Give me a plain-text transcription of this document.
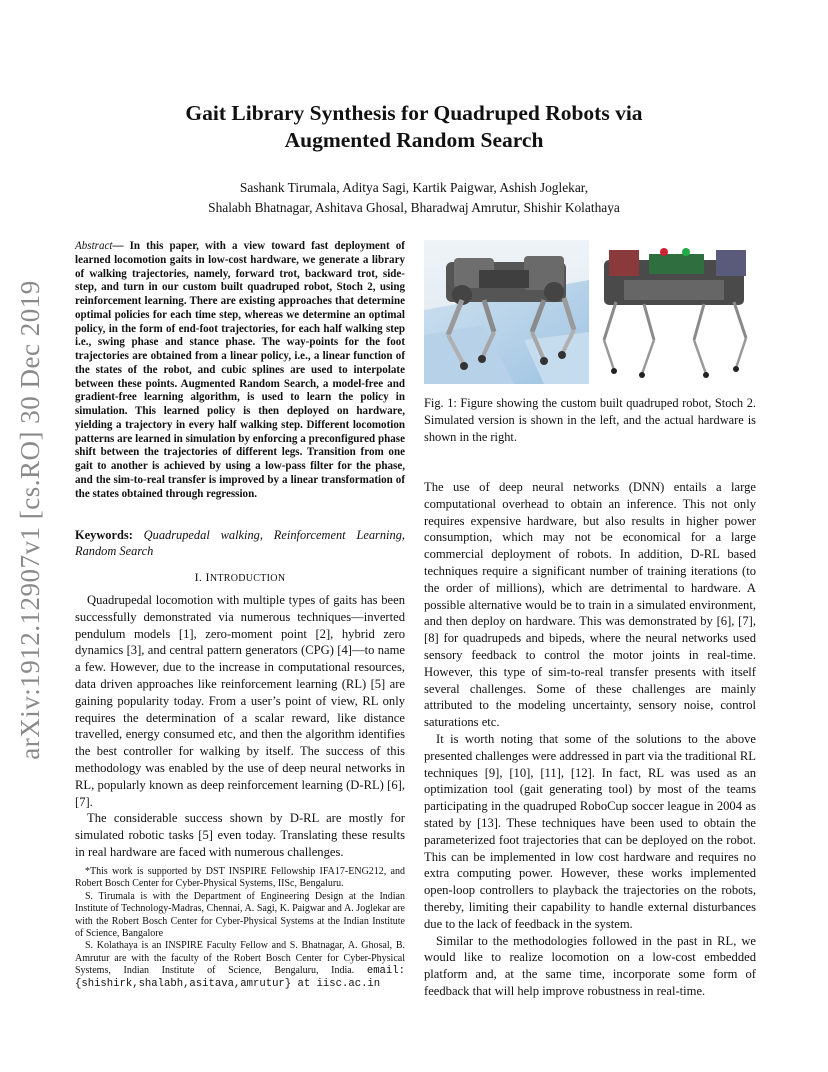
Gait Library Synthesis for Quadruped Robots via
Augmented Random Search
Sashank Tirumala, Aditya Sagi, Kartik Paigwar, Ashish Joglekar,
Shalabh Bhatnagar, Ashitava Ghosal, Bharadwaj Amrutur, Shishir Kolathaya
arXiv:1912.12907v1 [cs.RO] 30 Dec 2019
Abstract— In this paper, with a view toward fast deployment of learned locomotion gaits in low-cost hardware, we generate a library of walking trajectories, namely, forward trot, backward trot, side-step, and turn in our custom built quadruped robot, Stoch 2, using reinforcement learning. There are existing approaches that determine optimal policies for each time step, whereas we determine an optimal policy, in the form of end-foot trajectories, for each half walking step i.e., swing phase and stance phase. The way-points for the foot trajectories are obtained from a linear policy, i.e., a linear function of the states of the robot, and cubic splines are used to interpolate between these points. Augmented Random Search, a model-free and gradient-free learning algorithm, is used to learn the policy in simulation. This learned policy is then deployed on hardware, yielding a trajectory in every half walking step. Different locomotion patterns are learned in simulation by enforcing a preconfigured phase shift between the trajectories of different legs. Transition from one gait to another is achieved by using a low-pass filter for the phase, and the sim-to-real transfer is improved by a linear transformation of the states obtained through regression.
Keywords: Quadrupedal walking, Reinforcement Learning, Random Search
I. INTRODUCTION

Quadrupedal locomotion with multiple types of gaits has been successfully demonstrated via numerous techniques—inverted pendulum models [1], zero-moment point [2], hybrid zero dynamics [3], and central pattern generators (CPG) [4]—to name a few. However, due to the increase in computational resources, data driven approaches like reinforcement learning (RL) [5] are gaining popularity today. From a user’s point of view, RL only requires the determination of a scalar reward, like distance travelled, energy consumed etc, and then the algorithm identifies the best controller for walking by itself. The success of this methodology was enabled by the use of deep neural networks in RL, popularly known as deep reinforcement learning (D-RL) [6], [7].

The considerable success shown by D-RL are mostly for simulated robotic tasks [5] even today. Translating these results in real hardware are faced with numerous challenges.

*This work is supported by DST INSPIRE Fellowship IFA17-ENG212, and Robert Bosch Center for Cyber-Physical Systems, IISc, Bengaluru.

S. Tirumala is with the Department of Engineering Design at the Indian Institute of Technology-Madras, Chennai, A. Sagi, K. Paigwar and A. Joglekar are with the Robert Bosch Center for Cyber-Physical Systems at the Indian Institute of Science, Bangalore

S. Kolathaya is an INSPIRE Faculty Fellow and S. Bhatnagar, A. Ghosal, B. Amrutur are with the faculty of the Robert Bosch Center for Cyber-Physical Systems, Indian Institute of Science, Bengaluru, India. email: {shishirk,shalabh,asitava,amrutur} at iisc.ac.in

Fig. 1: Figure showing the custom built quadruped robot, Stoch 2. Simulated version is shown in the left, and the actual hardware is shown in the right.

The use of deep neural networks (DNN) entails a large computational overhead to obtain an inference. This not only requires expensive hardware, but also results in higher power consumption, which may not be economical for a large commercial deployment of robots. In addition, D-RL based techniques require a significant number of training iterations (to the order of millions), which are detrimental to hardware. A possible alternative would be to train in a simulated environment, and then deploy on hardware. This was demonstrated by [6], [7], [8] for quadrupeds and bipeds, where the neural networks used sensory feedback to control the motor joints in real-time. However, this type of sim-to-real transfer presents with itself several challenges. Some of these challenges are mainly attributed to the modeling uncertainty, sensory noise, control saturations etc.

It is worth noting that some of the solutions to the above presented challenges were addressed in part via the traditional RL techniques [9], [10], [11], [12]. In fact, RL was used as an optimization tool (gait generating tool) by most of the teams participating in the quadruped RoboCup soccer league in 2004 as stated by [13]. These techniques have been used to obtain the parameterized foot trajectories that can be deployed on the robot. This can be implemented in low cost hardware and requires no extra computing power. However, these works implemented open-loop controllers to playback the trajectories on the robots, thereby, limiting their capability to handle external disturbances due to the lack of feedback in the system.

Similar to the methodologies followed in the past in RL, we would like to realize locomotion on a low-cost embedded platform and, at the same time, incorporate some form of feedback that will help improve robustness in real-time.
